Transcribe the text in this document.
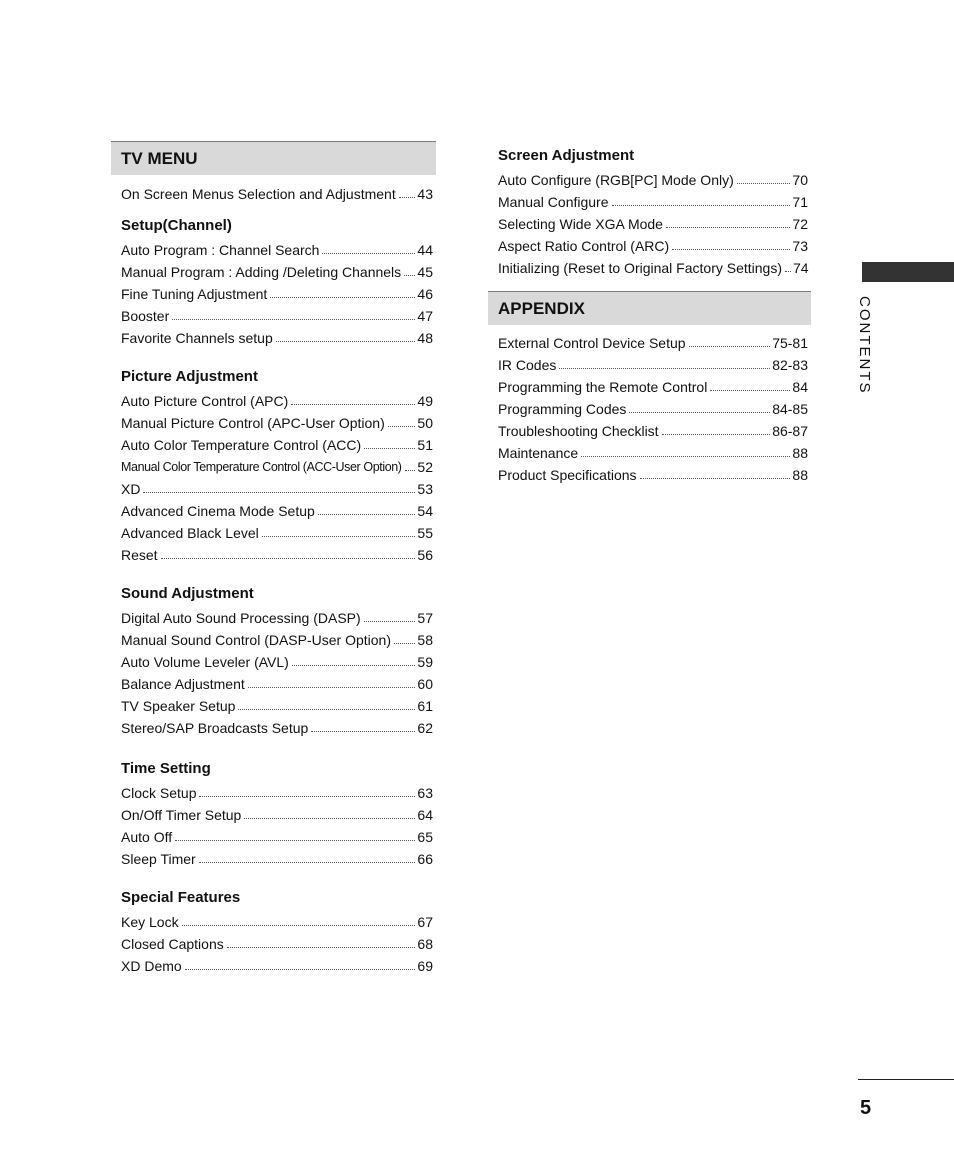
TV MENU
On Screen Menus Selection and Adjustment 43
Setup(Channel)
Auto Program : Channel Search	44
Manual Program : Adding /Deleting Channels 45
Fine Tuning Adjustment	46
Booster	47
Favorite Channels setup	48
Picture Adjustment
Auto Picture Control (APC)	49
Manual Picture Control (APC-User Option) 50
Auto Color Temperature Control (ACC)	51
Manual Color Temperature Control (ACC-User Option) 52
XD	53
Advanced Cinema Mode Setup	54
Advanced Black Level	55
Reset	56
Sound Adjustment
Digital Auto Sound Processing (DASP)	57
Manual Sound Control (DASP-User Option) 58
Auto Volume Leveler (AVL)	59
Balance Adjustment	60
TV Speaker Setup	61
Stereo/SAP Broadcasts Setup	62
Time Setting
Clock Setup	63
On/Off Timer Setup	64
Auto Off	65
Sleep Timer	66
Special Features
Key Lock	67
Closed Captions	68
XD Demo	69
Screen Adjustment
Auto Configure (RGB[PC] Mode Only)	70
Manual Configure	71
Selecting Wide XGA Mode	72
Aspect Ratio Control (ARC)	73
Initializing (Reset to Original Factory Settings) 74
APPENDIX
External Control Device Setup	75-81
IR Codes	82-83
Programming the Remote Control	84
Programming Codes	84-85
Troubleshooting Checklist	86-87
Maintenance	88
Product Specifications	88
CONTENTS
5
